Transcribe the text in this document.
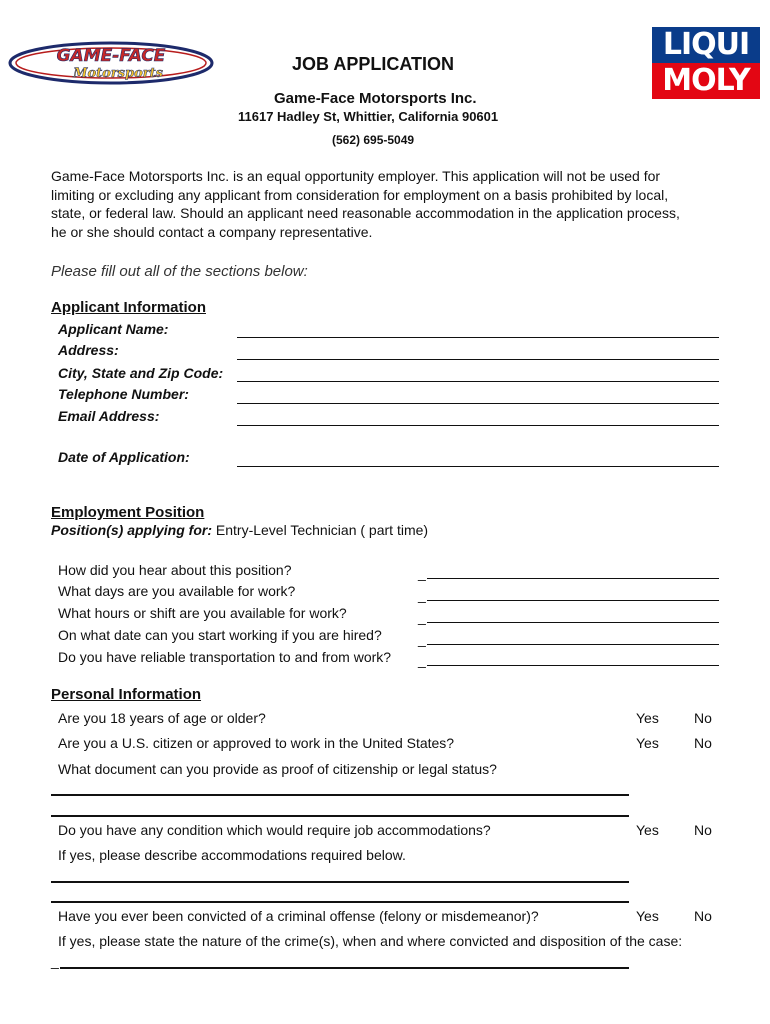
GAME-FACE
Motorsports
LIQUI
MOLY
JOB APPLICATION
Game-Face Motorsports Inc.
11617 Hadley St, Whittier, California 90601
(562) 695-5049
Game-Face Motorsports Inc. is an equal opportunity employer. This application will not be used for
limiting or excluding any applicant from consideration for employment on a basis prohibited by local,
state, or federal law. Should an applicant need reasonable accommodation in the application process,
he or she should contact a company representative.
Please fill out all of the sections below:
Applicant Information
Applicant Name:
Address:
City, State and Zip Code:
Telephone Number:
Email Address:
Date of Application:
Employment Position
Position(s) applying for: Entry-Level Technician ( part time)
How did you hear about this position?	_
What days are you available for work?	_
What hours or shift are you available for work?	_
On what date can you start working if you are hired?	_
Do you have reliable transportation to and from work? _
Personal Information
Are you 18 years of age or older?	Yes	No
Are you a U.S. citizen or approved to work in the United States?	Yes	No
What document can you provide as proof of citizenship or legal status?
Do you have any condition which would require job accommodations?	Yes	No
If yes, please describe accommodations required below.
Have you ever been convicted of a criminal offense (felony or misdemeanor)?	Yes	No
If yes, please state the nature of the crime(s), when and where convicted and disposition of the case:
_
